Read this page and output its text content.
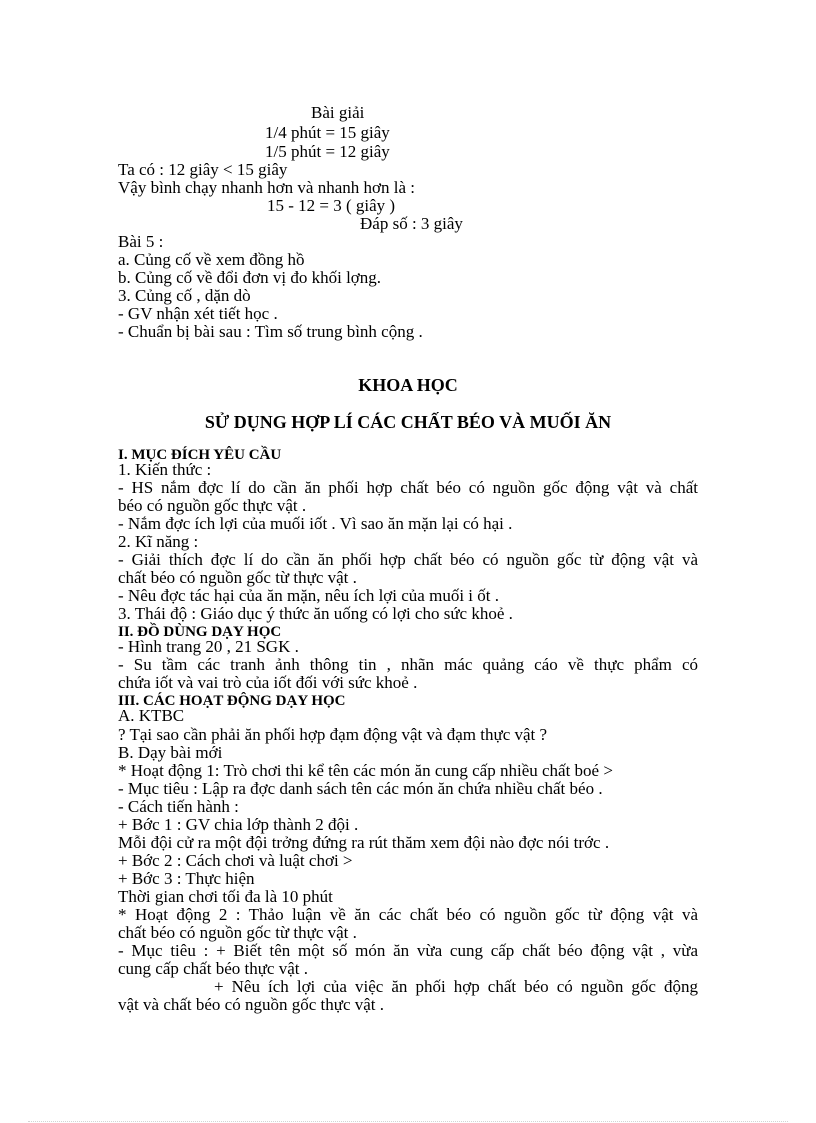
Bài giải

1/4 phút = 15 giây

1/5 phút = 12 giây

Ta có : 12 giây < 15 giây

Vậy bình chạy nhanh hơn và nhanh hơn là :

15 - 12 = 3 ( giây )

Đáp số : 3 giây

Bài 5 :

a. Củng cố về xem đồng hồ

b. Củng cố về đổi đơn vị đo khối lợng.

3. Củng cố , dặn dò

- GV nhận xét tiết học .

- Chuẩn bị bài sau : Tìm số trung bình cộng .

KHOA HỌC

SỬ DỤNG HỢP LÍ CÁC CHẤT BÉO VÀ MUỐI ĂN

I. MỤC ĐÍCH YÊU CẦU

1. Kiến thức :

- HS nắm đợc lí do cần ăn phối hợp chất béo có nguồn gốc động vật và chất

béo có nguồn gốc thực vật .

- Nắm đợc ích lợi của muối iốt . Vì sao ăn mặn lại có hại .

2. Kĩ năng :

- Giải thích đợc lí do cần ăn phối hợp chất béo có nguồn gốc từ động vật và

chất béo có nguồn gốc từ thực vật .

- Nêu đợc tác hại của ăn mặn, nêu ích lợi của muối i ốt .

3. Thái độ : Giáo dục ý thức ăn uống có lợi cho sức khoẻ .

II. ĐỒ DÙNG DẠY HỌC

- Hình trang 20 , 21 SGK .

- Su tầm các tranh ảnh thông tin , nhãn mác quảng cáo về thực phẩm có

chứa iốt và vai trò của iốt đối với sức khoẻ .

III. CÁC HOẠT ĐỘNG DẠY HỌC

A. KTBC

? Tại sao cần phải ăn phối hợp đạm động vật và đạm thực vật ?

B. Dạy bài mới

* Hoạt động 1: Trò chơi thi kể tên các món ăn cung cấp nhiều chất boé >

- Mục tiêu : Lập ra đợc danh sách tên các món ăn chứa nhiều chất béo .

- Cách tiến hành :

+ Bớc 1 : GV chia lớp thành 2 đội .

Mỗi đội cử ra một đội trởng đứng ra rút thăm xem đội nào đợc nói trớc .

+ Bớc 2 : Cách chơi và luật chơi >

+ Bớc 3 : Thực hiện

Thời gian chơi tối đa là 10 phút

* Hoạt động 2 : Thảo luận về ăn các chất béo có nguồn gốc từ động vật và

chất béo có nguồn gốc từ thực vật .

- Mục tiêu : + Biết tên một số món ăn vừa cung cấp chất béo động vật , vừa

cung cấp chất béo thực vật .

+ Nêu ích lợi của việc ăn phối hợp chất béo có nguồn gốc động

vật và chất béo có nguồn gốc thực vật .
